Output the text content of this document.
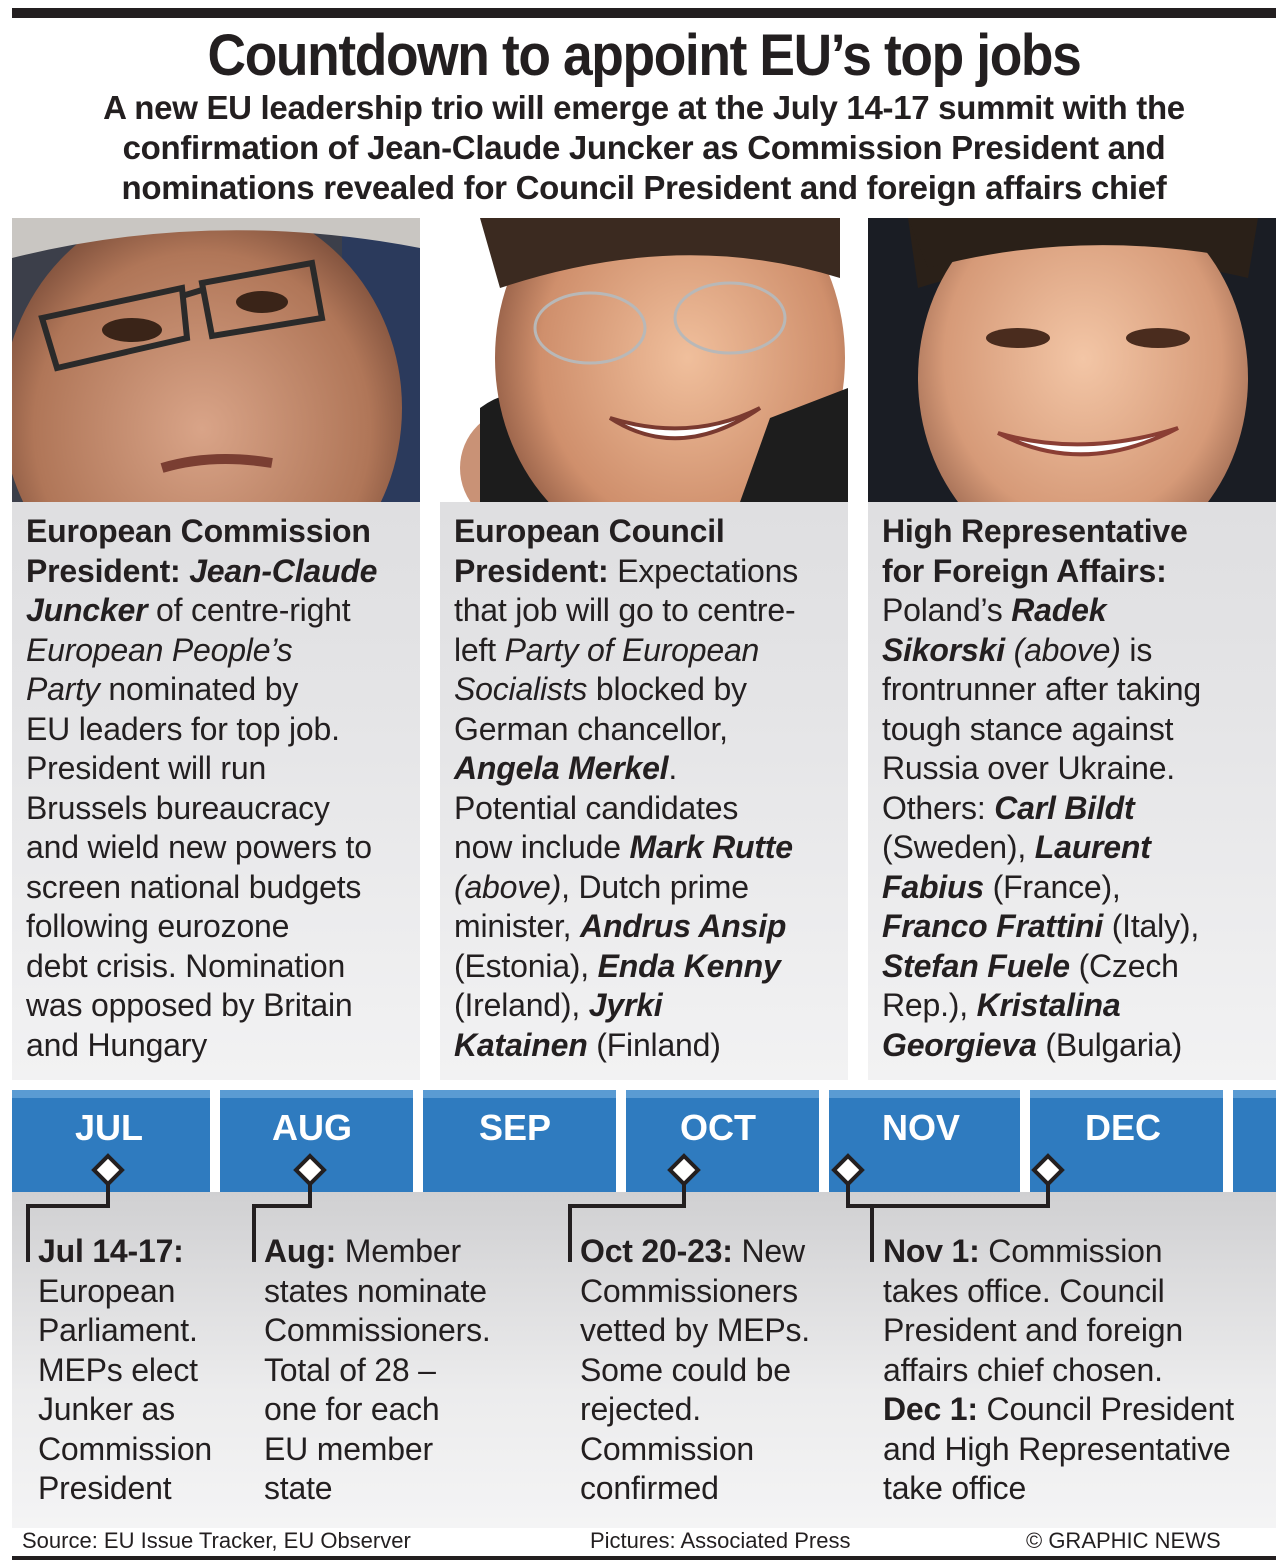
Countdown to appoint EU’s top jobs
A new EU leadership trio will emerge at the July 14-17 summit with the
confirmation of Jean-Claude Juncker as Commission President and
nominations revealed for Council President and foreign affairs chief
European Commission
President: Jean-Claude
Juncker of centre-right
European People’s
Party nominated by
EU leaders for top job.
President will run
Brussels bureaucracy
and wield new powers to
screen national budgets
following eurozone
debt crisis. Nomination
was opposed by Britain
and Hungary
European Council
President: Expectations
that job will go to centre-
left Party of European
Socialists blocked by
German chancellor,
Angela Merkel.
Potential candidates
now include Mark Rutte
(above), Dutch prime
minister, Andrus Ansip
(Estonia), Enda Kenny
(Ireland), Jyrki
Katainen (Finland)
High Representative
for Foreign Affairs:
Poland’s Radek
Sikorski (above) is
frontrunner after taking
tough stance against
Russia over Ukraine.
Others: Carl Bildt
(Sweden), Laurent
Fabius (France),
Franco Frattini (Italy),
Stefan Fuele (Czech
Rep.), Kristalina
Georgieva (Bulgaria)
JUL	AUG	SEP	OCT	NOV	DEC
Jul 14-17:
European
Parliament.
MEPs elect
Junker as
Commission
President
Aug: Member
states nominate
Commissioners.
Total of 28 –
one for each
EU member
state
Oct 20-23: New
Commissioners
vetted by MEPs.
Some could be
rejected.
Commission
confirmed
Nov 1: Commission
takes office. Council
President and foreign
affairs chief chosen.
Dec 1: Council President
and High Representative
take office
Source: EU Issue Tracker, EU Observer	Pictures: Associated Press	© GRAPHIC NEWS
